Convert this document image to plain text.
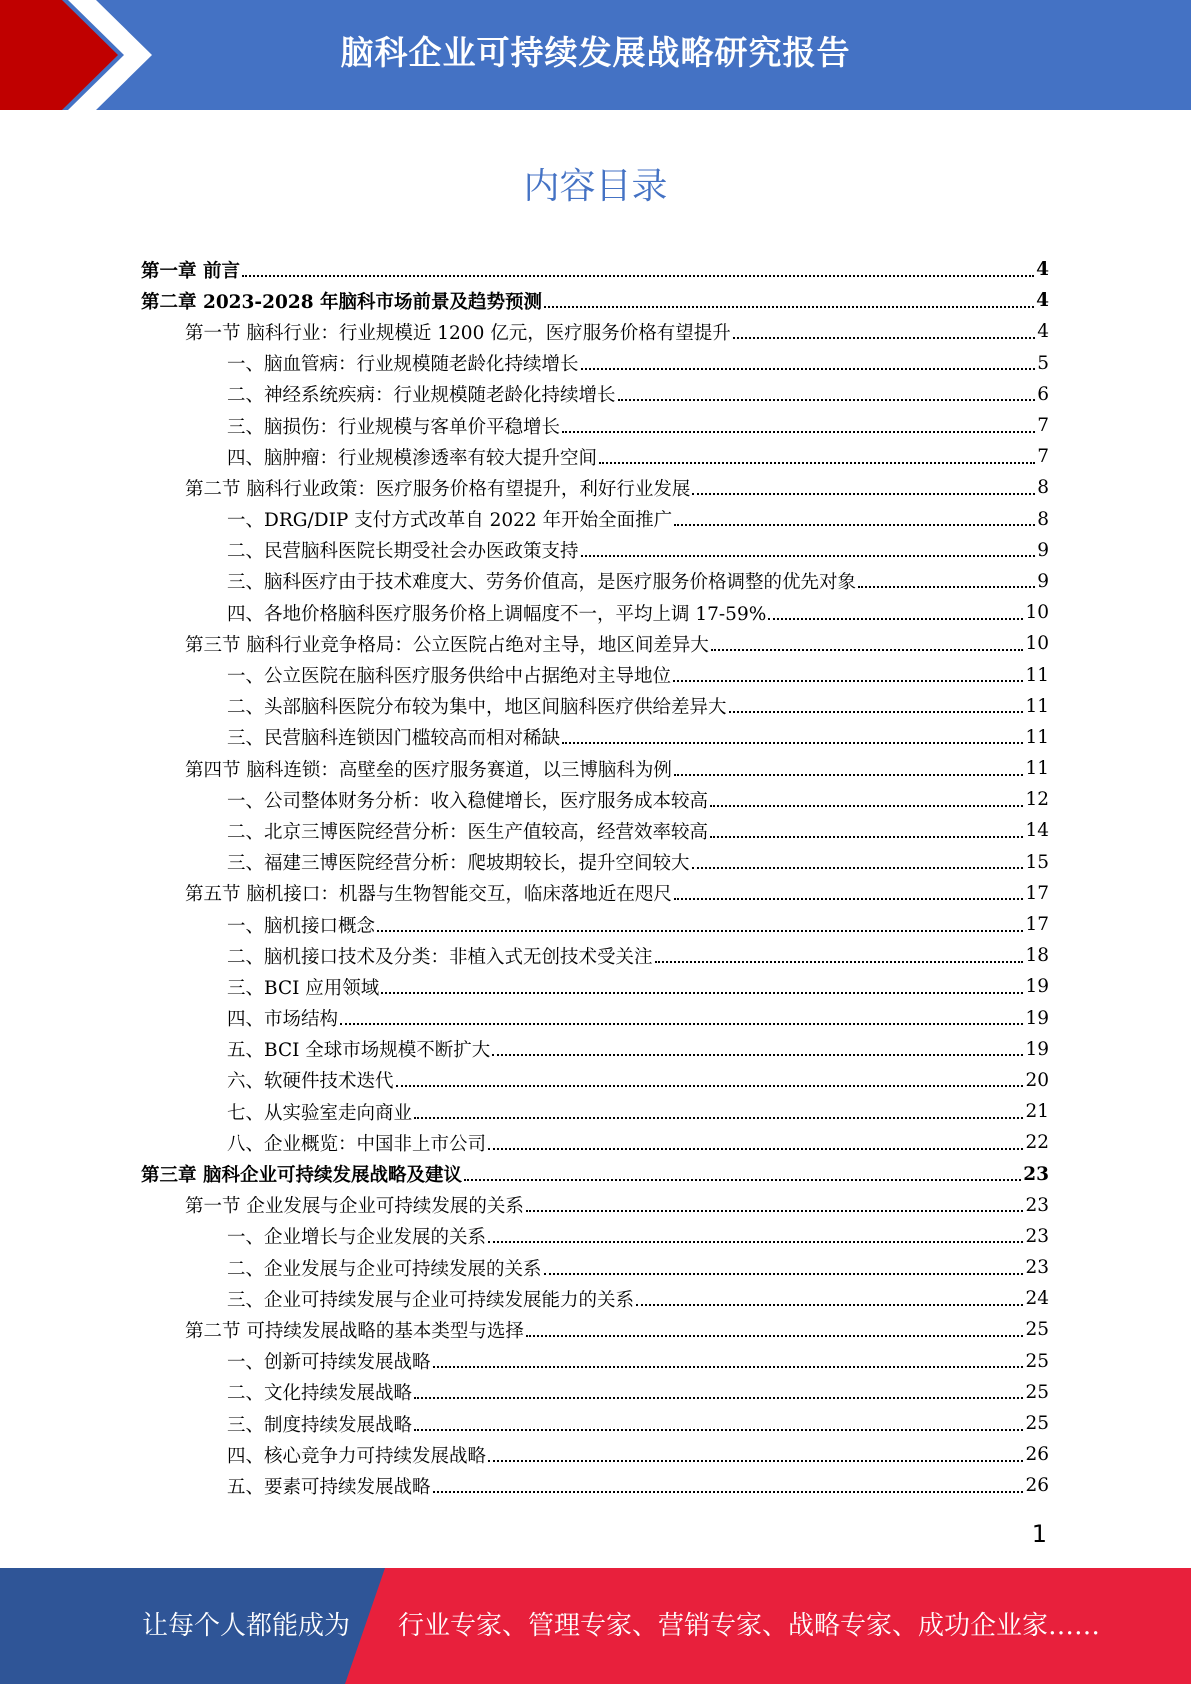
脑科企业可持续发展战略研究报告
内容目录
第一章 前言	4
第二章 2023-2028 年脑科市场前景及趋势预测	4
第一节 脑科行业：行业规模近 1200 亿元，医疗服务价格有望提升	4
一、脑血管病：行业规模随老龄化持续增长	5
二、神经系统疾病：行业规模随老龄化持续增长	6
三、脑损伤：行业规模与客单价平稳增长	7
四、脑肿瘤：行业规模渗透率有较大提升空间	7
第二节 脑科行业政策：医疗服务价格有望提升，利好行业发展	8
一、DRG/DIP 支付方式改革自 2022 年开始全面推广	8
二、民营脑科医院长期受社会办医政策支持	9
三、脑科医疗由于技术难度大、劳务价值高，是医疗服务价格调整的优先对象	9
四、各地价格脑科医疗服务价格上调幅度不一，平均上调 17-59%	10
第三节 脑科行业竞争格局：公立医院占绝对主导，地区间差异大	10
一、公立医院在脑科医疗服务供给中占据绝对主导地位	11
二、头部脑科医院分布较为集中，地区间脑科医疗供给差异大	11
三、民营脑科连锁因门槛较高而相对稀缺	11
第四节 脑科连锁：高壁垒的医疗服务赛道，以三博脑科为例	11
一、公司整体财务分析：收入稳健增长，医疗服务成本较高	12
二、北京三博医院经营分析：医生产值较高，经营效率较高	14
三、福建三博医院经营分析：爬坡期较长，提升空间较大	15
第五节 脑机接口：机器与生物智能交互，临床落地近在咫尺	17
一、脑机接口概念	17
二、脑机接口技术及分类：非植入式无创技术受关注	18
三、BCI 应用领域	19
四、市场结构	19
五、BCI 全球市场规模不断扩大	19
六、软硬件技术迭代	20
七、从实验室走向商业	21
八、企业概览：中国非上市公司	22
第三章 脑科企业可持续发展战略及建议	23
第一节 企业发展与企业可持续发展的关系	23
一、企业增长与企业发展的关系	23
二、企业发展与企业可持续发展的关系	23
三、企业可持续发展与企业可持续发展能力的关系	24
第二节 可持续发展战略的基本类型与选择	25
一、创新可持续发展战略	25
二、文化持续发展战略	25
三、制度持续发展战略	25
四、核心竞争力可持续发展战略	26
五、要素可持续发展战略	26
1
让每个人都能成为 行业专家、管理专家、营销专家、战略专家、成功企业家……
